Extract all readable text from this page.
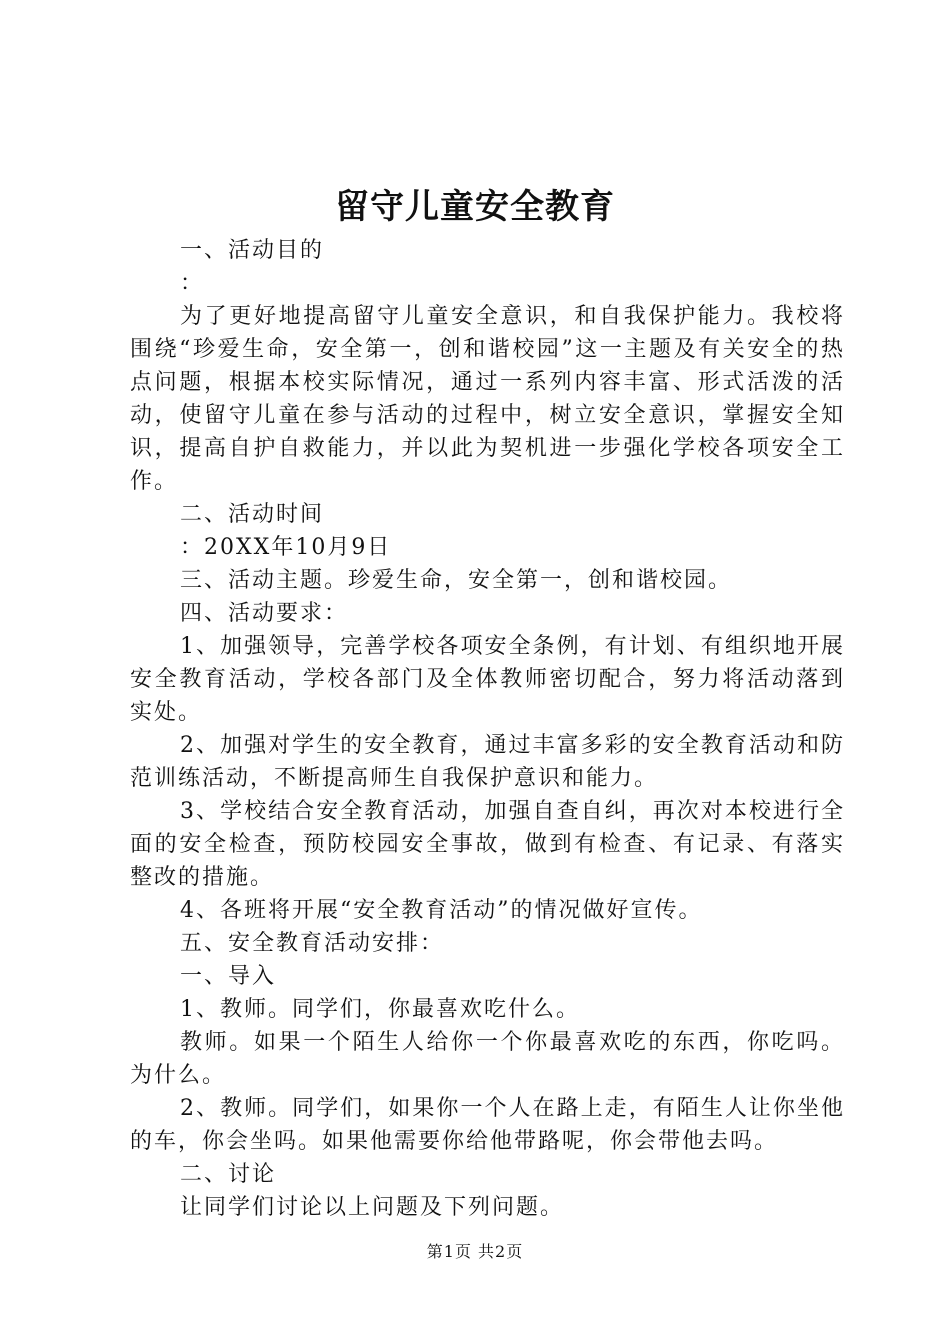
留守儿童安全教育

一、活动目的

：

为了更好地提高留守儿童安全意识，和自我保护能力。我校将围绕“珍爱生命，安全第一，创和谐校园”这一主题及有关安全的热点问题，根据本校实际情况，通过一系列内容丰富、形式活泼的活动，使留守儿童在参与活动的过程中，树立安全意识，掌握安全知识，提高自护自救能力，并以此为契机进一步强化学校各项安全工作。

二、活动时间

：20XX年10月9日

三、活动主题。珍爱生命，安全第一，创和谐校园。

四、活动要求：

1、加强领导，完善学校各项安全条例，有计划、有组织地开展安全教育活动，学校各部门及全体教师密切配合，努力将活动落到实处。

2、加强对学生的安全教育，通过丰富多彩的安全教育活动和防范训练活动，不断提高师生自我保护意识和能力。

3、学校结合安全教育活动，加强自查自纠，再次对本校进行全面的安全检查，预防校园安全事故，做到有检查、有记录、有落实整改的措施。

4、各班将开展“安全教育活动”的情况做好宣传。

五、安全教育活动安排：

一、导入

1、教师。同学们，你最喜欢吃什么。

教师。如果一个陌生人给你一个你最喜欢吃的东西，你吃吗。为什么。

2、教师。同学们，如果你一个人在路上走，有陌生人让你坐他的车，你会坐吗。如果他需要你给他带路呢，你会带他去吗。

二、讨论

让同学们讨论以上问题及下列问题。

第1页 共2页
